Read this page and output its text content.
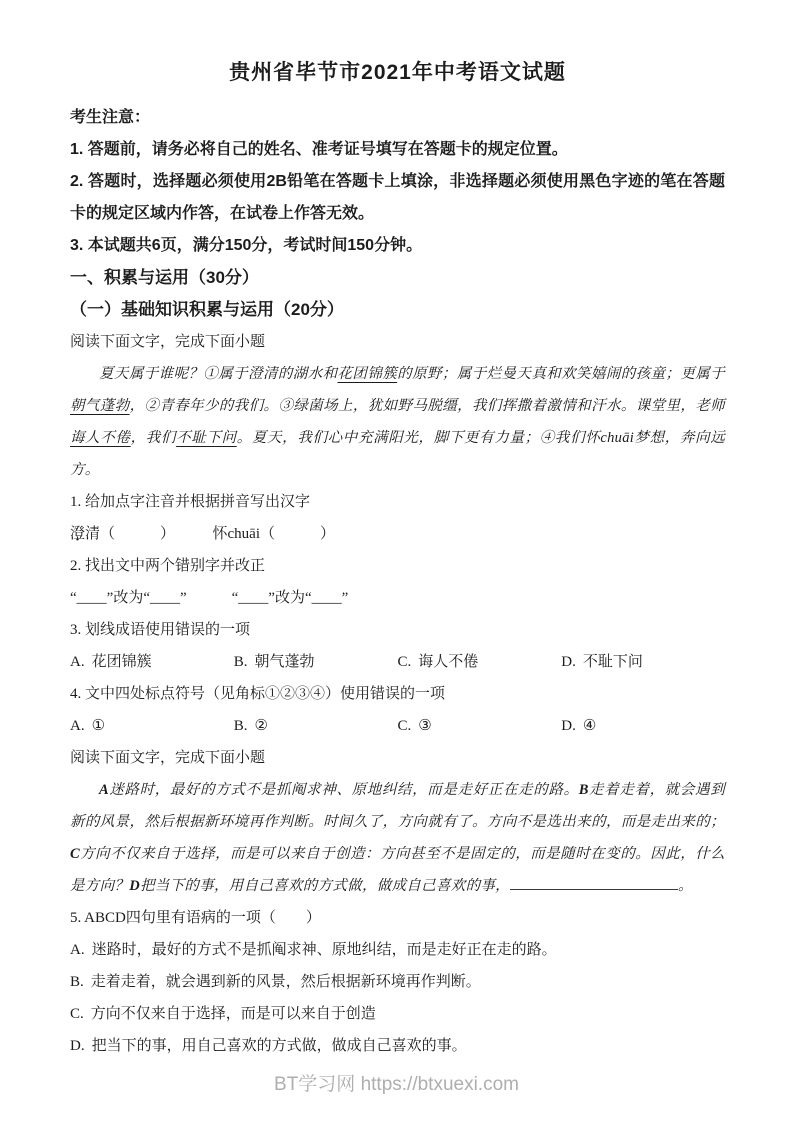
贵州省毕节市2021年中考语文试题

考生注意：

1. 答题前，请务必将自己的姓名、准考证号填写在答题卡的规定位置。

2. 答题时，选择题必须使用2B铅笔在答题卡上填涂，非选择题必须使用黑色字迹的笔在答题卡的规定区域内作答，在试卷上作答无效。

3. 本试题共6页，满分150分，考试时间150分钟。

一、积累与运用（30分）
（一）基础知识积累与运用（20分）

阅读下面文字，完成下面小题

夏天属于谁呢？①属于澄清的湖水和花团锦簇的原野；属于烂曼天真和欢笑嬉闹的孩童；更属于朝气蓬勃，②青春年少的我们。③绿菌场上，犹如野马脱缰，我们挥撒着激情和汗水。课堂里，老师诲人不倦，我们不耻下问。夏天，我们心中充满阳光，脚下更有力量；④我们怀chuāi梦想，奔向远方。

1. 给加点字注音并根据拼音写出汉字

澄 ·清（　　　）　　　怀chuāi（　　　）

2. 找出文中两个错别字并改正

“____”改为“____”　　　“____”改为“____”

3. 划线成语使用错误的一项

A. 花团锦簇	B. 朝气蓬勃	C. 诲人不倦	D. 不耻下问

4. 文中四处标点符号（见角标①②③④）使用错误的一项

A. ①	B. ②	C. ③	D. ④

阅读下面文字，完成下面小题

A迷路时，最好的方式不是抓阄求神、原地纠结，而是走好正在走的路。B走着走着，就会遇到新的风景，然后根据新环境再作判断。时间久了，方向就有了。方向不是选出来的，而是走出来的；C方向不仅来自于选择，而是可以来自于创造：方向甚至不是固定的，而是随时在变的。因此，什么是方向？D把当下的事，用自己喜欢的方式做，做成自己喜欢的事，	。

5. ABCD四句里有语病的一项（　　）

A. 迷路时，最好的方式不是抓阄求神、原地纠结，而是走好正在走的路。

B. 走着走着，就会遇到新的风景，然后根据新环境再作判断。

C. 方向不仅来自于选择，而是可以来自于创造

D. 把当下的事，用自己喜欢的方式做，做成自己喜欢的事。

BT学习网 https://btxuexi.com
